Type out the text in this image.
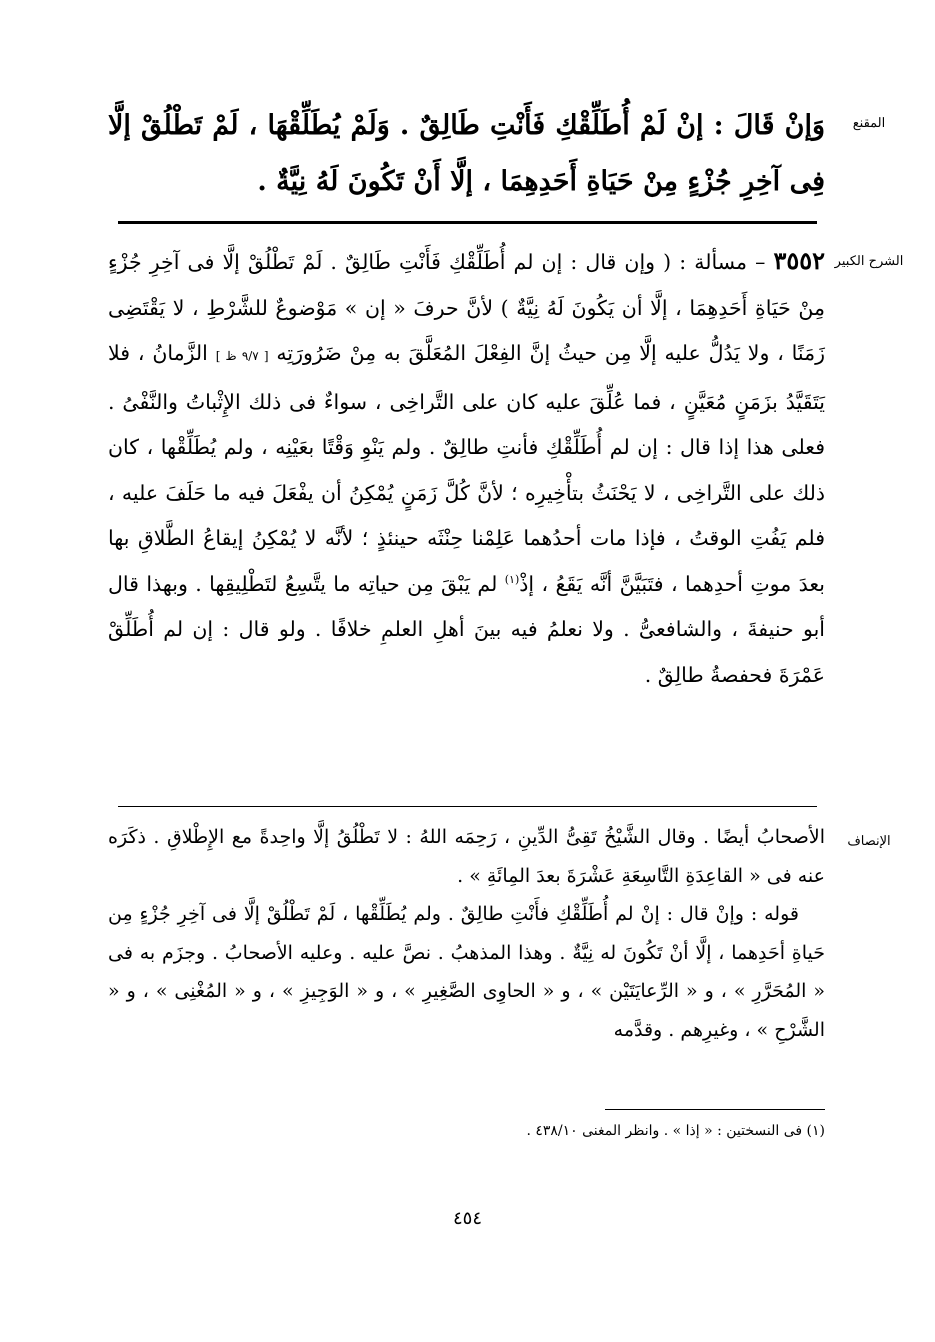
المقنع

وَإنْ قَالَ : إنْ لَمْ أُطَلِّقْكِ فَأَنْتِ طَالِقٌ . وَلَمْ يُطَلِّقْهَا ، لَمْ تَطْلُقْ إلَّا فِى آخِرِ جُزْءٍ مِنْ حَيَاةِ أَحَدِهِمَا ، إلَّا أَنْ تَكُونَ لَهُ نِيَّةٌ .

الشرح الكبير

٣٥٥٢ – مسألة : ( وإن قال : إن لم أُطَلِّقْكِ فَأَنْتِ طَالِقٌ . لَمْ تَطْلُقْ إلَّا فى آخِرِ جُزْءٍ مِنْ حَيَاةِ أَحَدِهِمَا ، إلَّا أن يَكُونَ لَهُ نِيَّةٌ ) لأنَّ حرفَ « إن » مَوْضوعٌ للشَّرْطِ ، لا يَقْتَضِى زَمَنًا ، ولا يَدُلُّ عليه إلَّا مِن حيثُ إنَّ الفِعْلَ المُعَلَّقَ به مِنْ ضَرُورَتِه [ ٩/٧ ظ ] الزَّمانُ ، فلا يَتَقَيَّدُ بزَمَنٍ مُعَيَّنٍ ، فما عُلِّقَ عليه كان على التَّراخِى ، سواءٌ فى ذلك الإِثْباتُ والنَّفْىُ . فعلى هذا إذا قال : إن لم أُطَلِّقْكِ فأنتِ طالِقٌ . ولم يَنْوِ وَقْتًا بعَيْنِه ، ولم يُطَلِّقْها ، كان ذلك على التَّراخِى ، لا يَحْنَثُ بتأْخِيرِه ؛ لأنَّ كُلَّ زَمَنٍ يُمْكِنُ أن يفْعَلَ فيه ما حَلَفَ عليه ، فلم يَفُتِ الوقتُ ، فإذا مات أحدُهما عَلِمْنا حِنْثَه حينئذٍ ؛ لأنَّه لا يُمْكِنُ إيقاعُ الطَّلاقِ بها بعدَ موتِ أحدِهما ، فتَبَيَّنَّ أنَّه يَقَعُ ، إذْ$^{(١)}$ لم يَبْقَ مِن حياتِه ما يتَّسِعُ لتَطْلِيقِها . وبهذا قال أبو حنيفةَ ، والشافعىُّ . ولا نعلمُ فيه بينَ أهلِ العلمِ خلافًا . ولو قال : إن لم أُطَلِّقْ عَمْرَةَ فحفصةُ طالِقٌ .

الإنصاف

الأصحابُ أيضًا . وقال الشَّيْخُ تَقِىُّ الدِّينِ ، رَحِمَه اللهُ : لا تَطْلُقُ إلَّا واحِدةً مع الإِطْلاقِ . ذكَرَه عنه فى « القاعِدَةِ التَّاسِعَةِ عَشْرَةَ بعدَ المِائَةِ » .

قوله : وإنْ قال : إنْ لم أُطَلِّقْكِ فأَنْتِ طالِقٌ . ولم يُطَلِّقْها ، لَمْ تَطْلُقْ إلَّا فى آخِرِ جُزْءٍ مِن حَياةِ أحَدِهما ، إلَّا أنْ تَكُونَ له نِيَّةٌ . وهذا المذهبُ . نصَّ عليه . وعليه الأصحابُ . وجزَم به فى « المُحَرَّرِ » ، و « الرِّعايَتَيْن » ، و « الحاوِى الصَّغِيرِ » ، و « الوَجِيزِ » ، و « المُغْنِى » ، و « الشَّرْحِ » ، وغيرِهم . وقدَّمه

(١) فى النسختين : « إذا » . وانظر المغنى ٤٣٨/١٠ .
٤٥٤
